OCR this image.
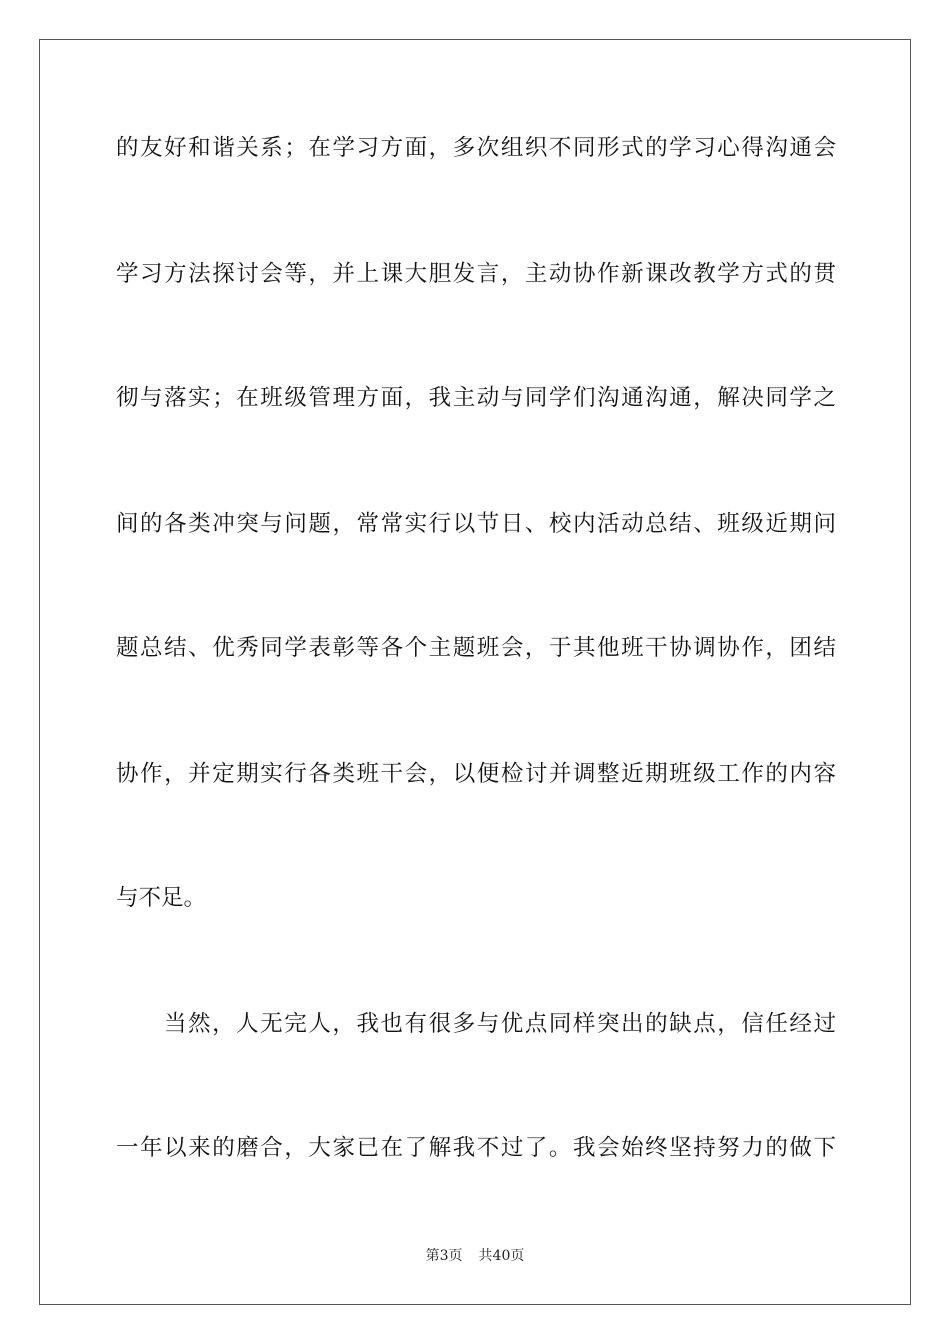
的友好和谐关系；在学习方面，多次组织不同形式的学习心得沟通会

学习方法探讨会等，并上课大胆发言，主动协作新课改教学方式的贯

彻与落实；在班级管理方面，我主动与同学们沟通沟通，解决同学之

间的各类冲突与问题，常常实行以节日、校内活动总结、班级近期问

题总结、优秀同学表彰等各个主题班会，于其他班干协调协作，团结

协作，并定期实行各类班干会，以便检讨并调整近期班级工作的内容

与不足。

当然，人无完人，我也有很多与优点同样突出的缺点，信任经过

一年以来的磨合，大家已在了解我不过了。我会始终坚持努力的做下

第3页 共40页
